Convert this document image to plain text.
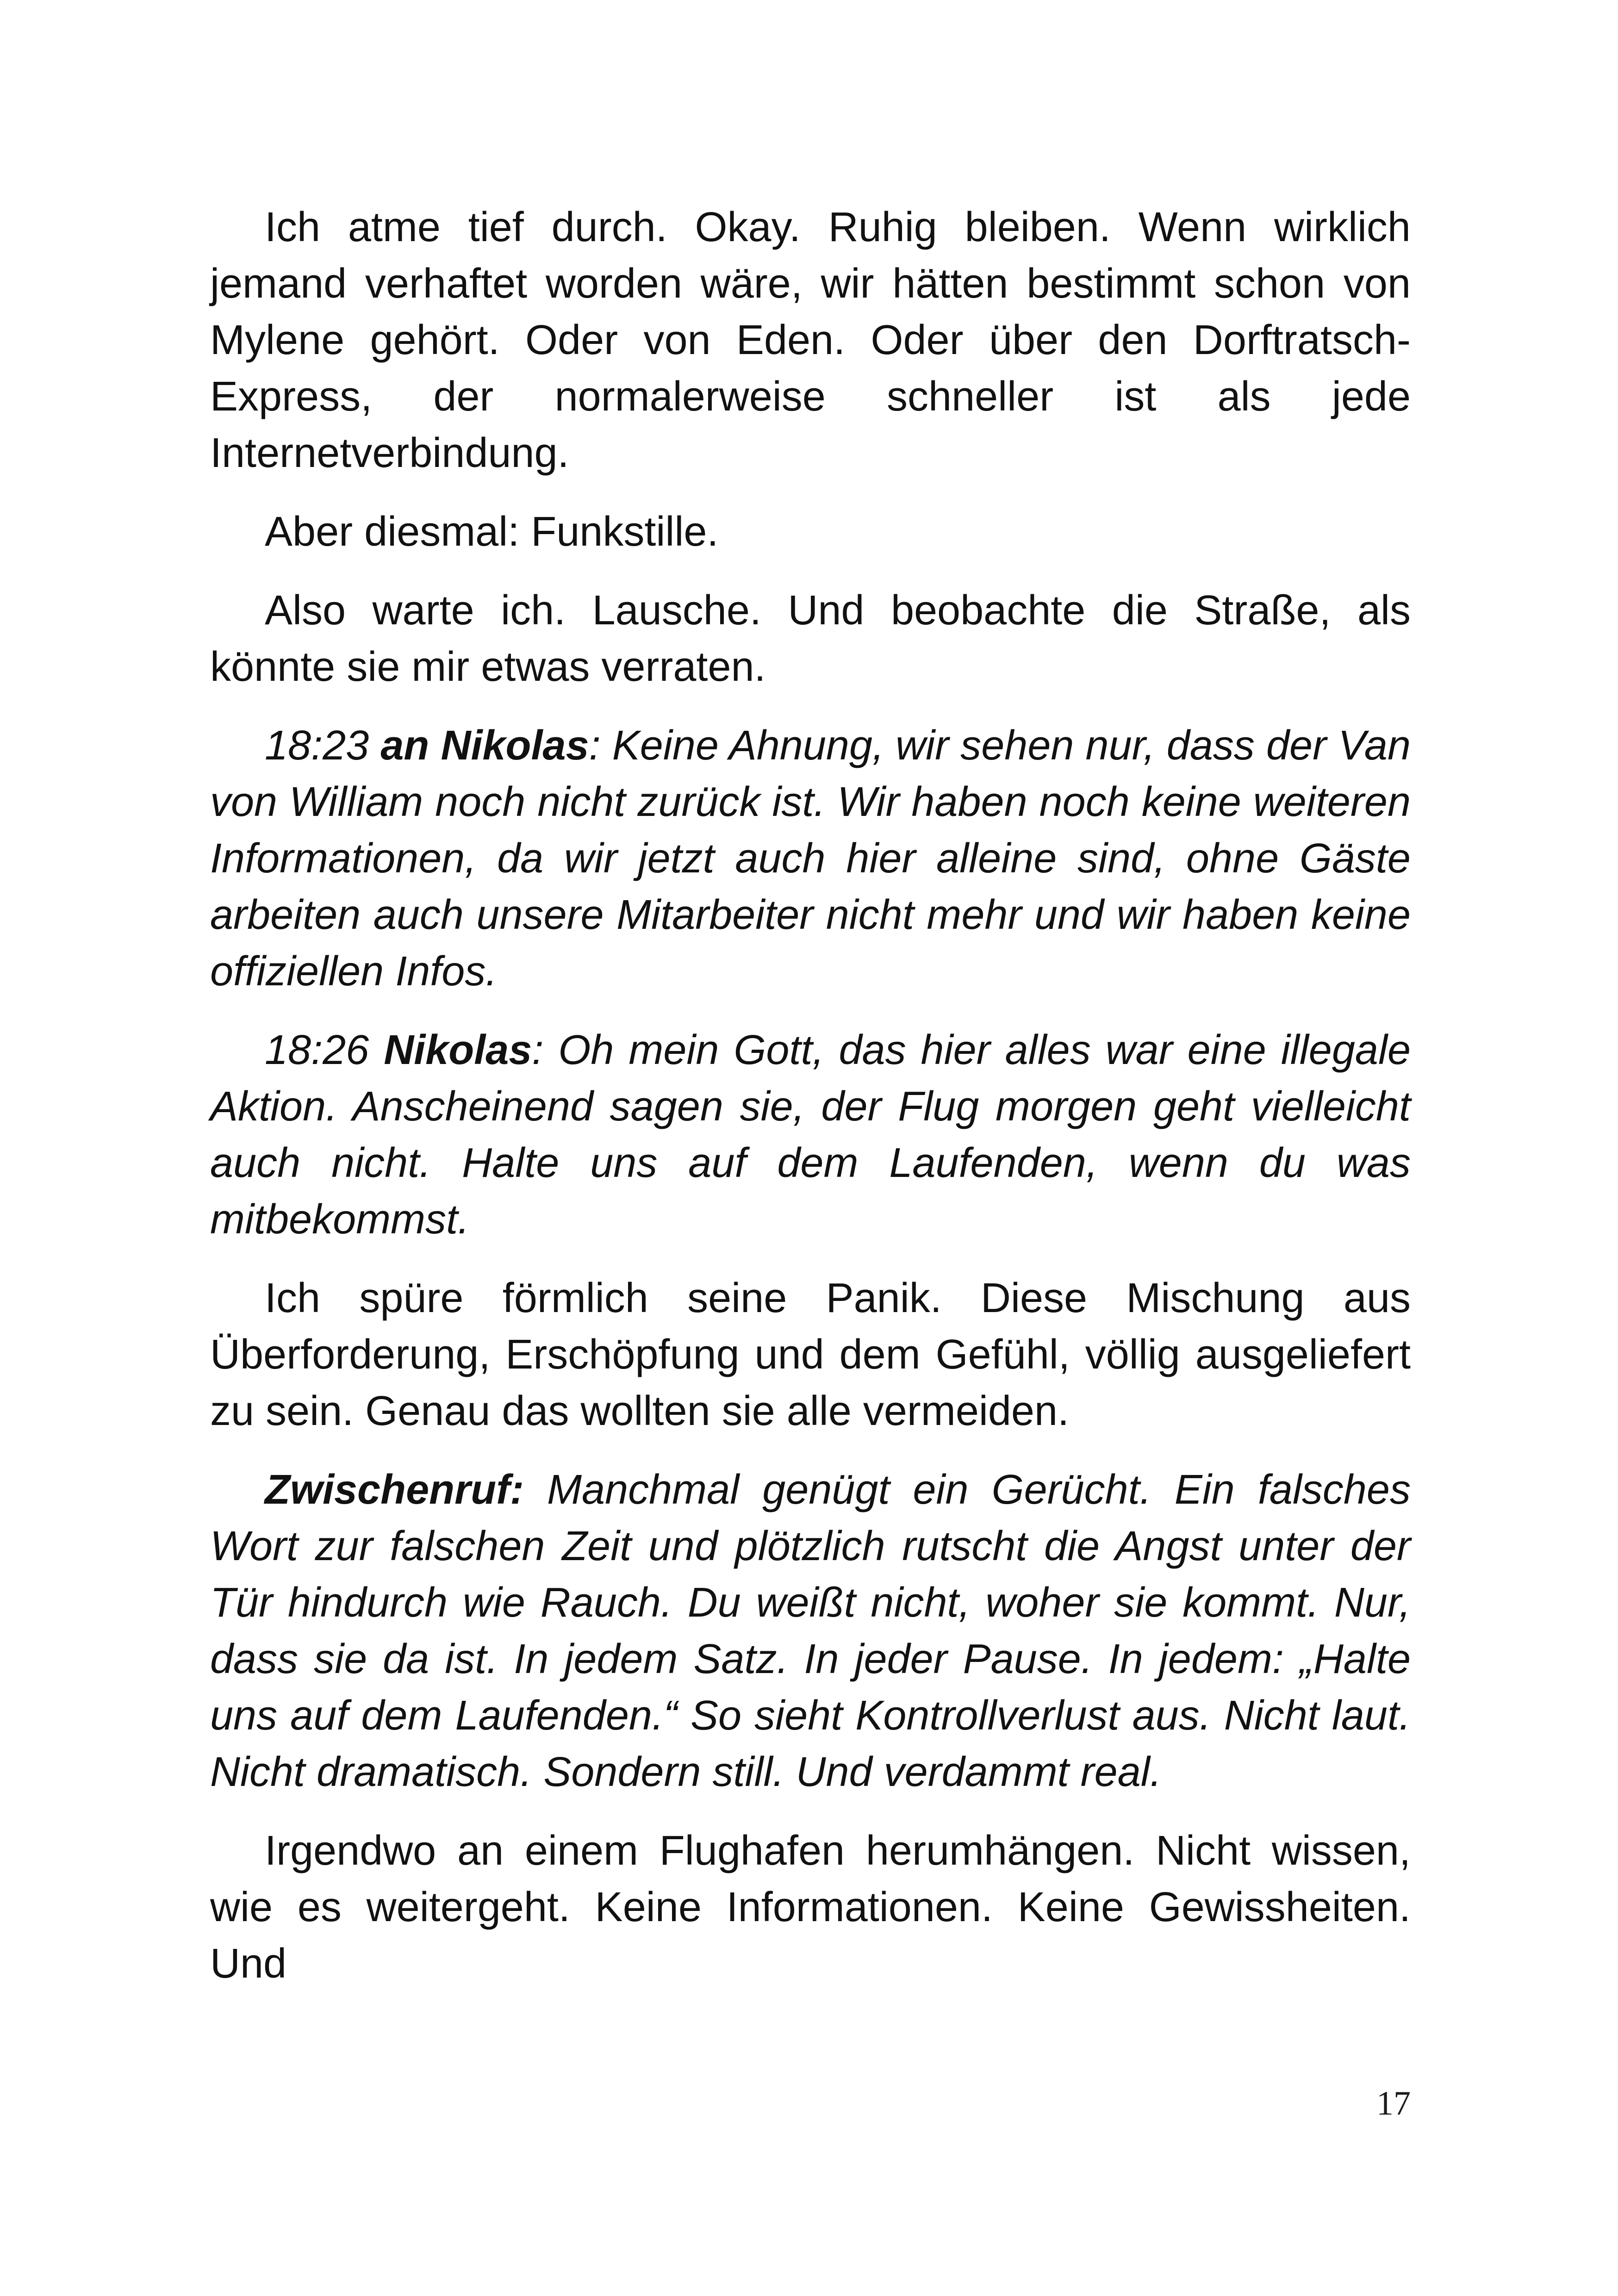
Ich atme tief durch. Okay. Ruhig bleiben. Wenn wirklich jemand verhaftet worden wäre, wir hätten bestimmt schon von Mylene gehört. Oder von Eden. Oder über den Dorftratsch-Express, der normalerweise schneller ist als jede Internetverbindung.

Aber diesmal: Funkstille.

Also warte ich. Lausche. Und beobachte die Straße, als könnte sie mir etwas verraten.

18:23 an Nikolas: Keine Ahnung, wir sehen nur, dass der Van von William noch nicht zurück ist. Wir haben noch keine weiteren Informationen, da wir jetzt auch hier alleine sind, ohne Gäste arbeiten auch unsere Mitarbeiter nicht mehr und wir haben keine offiziellen Infos.

18:26 Nikolas: Oh mein Gott, das hier alles war eine illegale Aktion. Anscheinend sagen sie, der Flug morgen geht vielleicht auch nicht. Halte uns auf dem Laufenden, wenn du was mitbekommst.

Ich spüre förmlich seine Panik. Diese Mischung aus Überforderung, Erschöpfung und dem Gefühl, völlig ausgeliefert zu sein. Genau das wollten sie alle vermeiden.

Zwischenruf: Manchmal genügt ein Gerücht. Ein falsches Wort zur falschen Zeit und plötzlich rutscht die Angst unter der Tür hindurch wie Rauch. Du weißt nicht, woher sie kommt. Nur, dass sie da ist. In jedem Satz. In jeder Pause. In jedem: „Halte uns auf dem Laufenden.“ So sieht Kontrollverlust aus. Nicht laut. Nicht dramatisch. Sondern still. Und verdammt real.

Irgendwo an einem Flughafen herumhängen. Nicht wissen, wie es weitergeht. Keine Informationen. Keine Gewissheiten. Und

17
